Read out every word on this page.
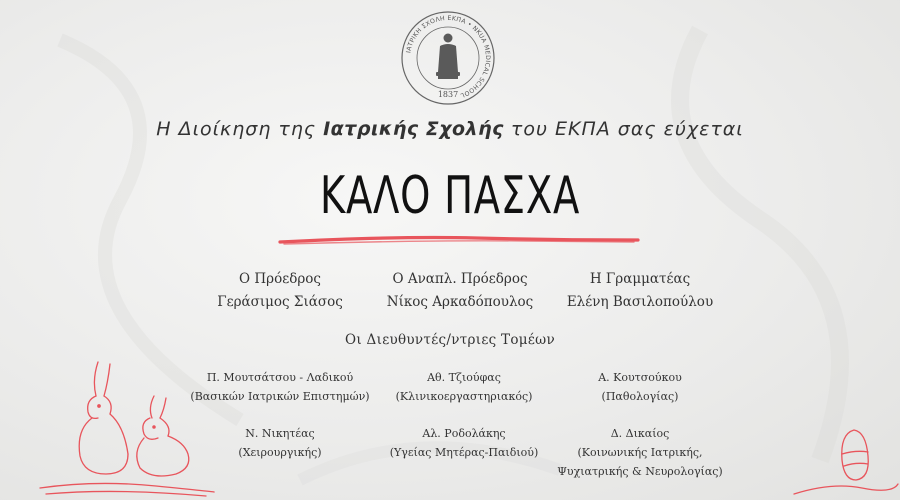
ΙΑΤΡΙΚΗ ΣΧΟΛΗ ΕΚΠΑ • NKUA MEDICAL SCHOOL
1837
Η Διοίκηση της Ιατρικής Σχολής του ΕΚΠΑ σας εύχεται
ΚΑΛΟ ΠΑΣΧΑ
Ο Πρόεδρος
Γεράσιμος Σιάσος
Ο Αναπλ. Πρόεδρος
Νίκος Αρκαδόπουλος
Η Γραμματέας
Ελένη Βασιλοπούλου
Οι Διευθυντές/ντριες Τομέων
Π. Μουτσάτσου - Λαδικού
(Βασικών Ιατρικών Επιστημών)
Αθ. Τζιούφας
(Κλινικοεργαστηριακός)
Α. Κουτσούκου
(Παθολογίας)
Ν. Νικητέας
(Χειρουργικής)
Αλ. Ροδολάκης
(Υγείας Μητέρας-Παιδιού)
Δ. Δικαίος
(Κοινωνικής Ιατρικής,
Ψυχιατρικής & Νευρολογίας)
